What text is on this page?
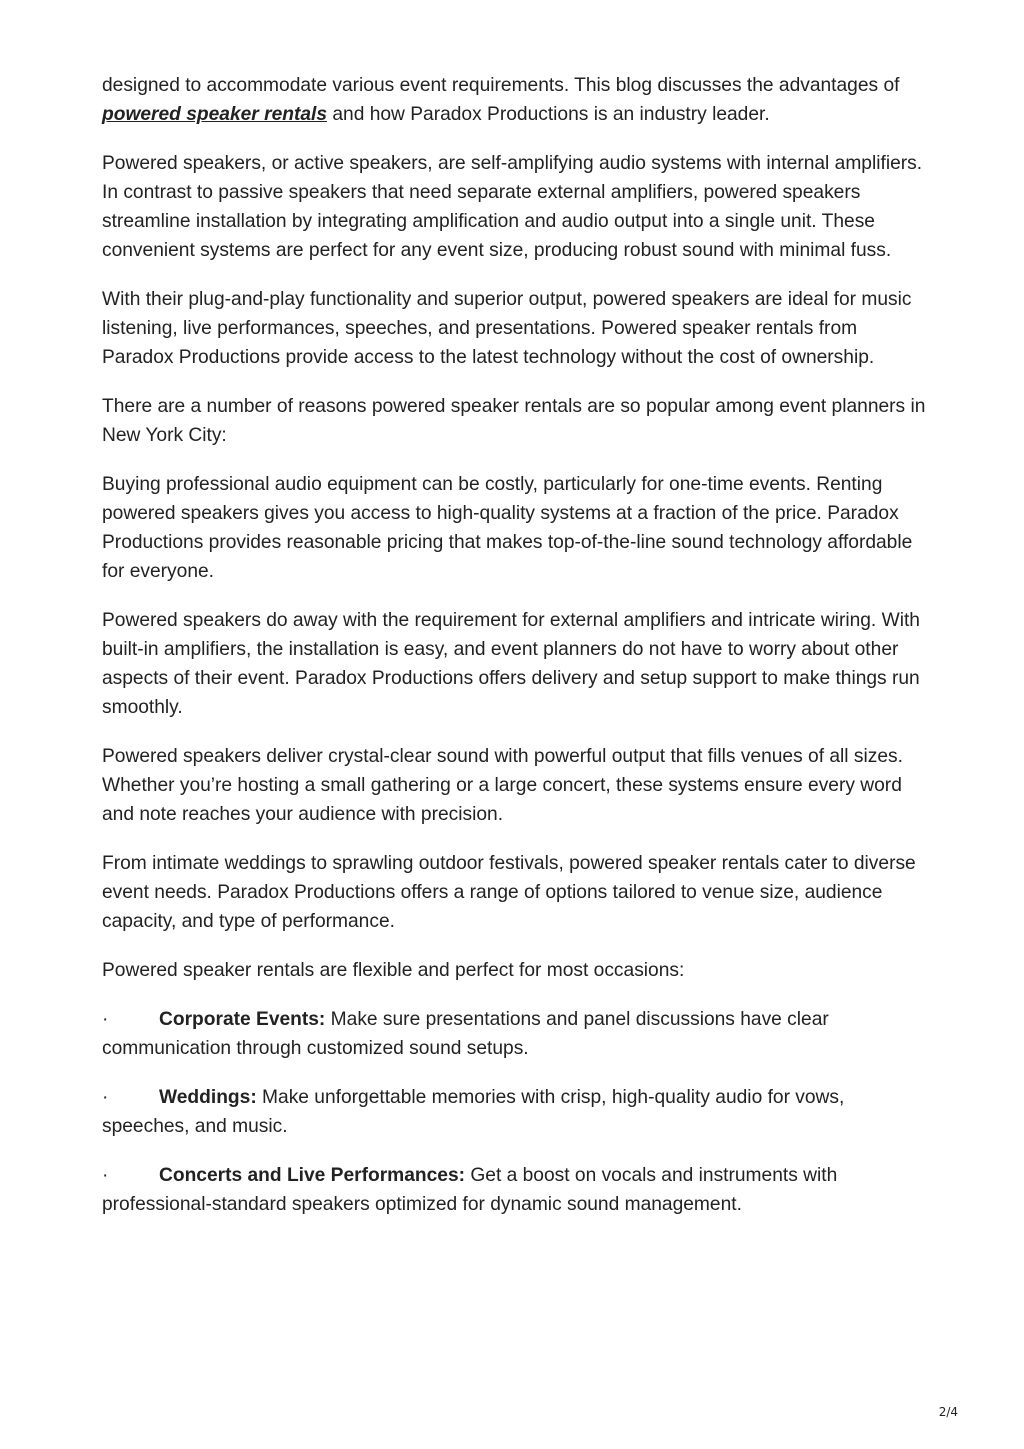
designed to accommodate various event requirements. This blog discusses the advantages of powered speaker rentals and how Paradox Productions is an industry leader.

Powered speakers, or active speakers, are self-amplifying audio systems with internal amplifiers. In contrast to passive speakers that need separate external amplifiers, powered speakers streamline installation by integrating amplification and audio output into a single unit. These convenient systems are perfect for any event size, producing robust sound with minimal fuss.

With their plug-and-play functionality and superior output, powered speakers are ideal for music listening, live performances, speeches, and presentations. Powered speaker rentals from Paradox Productions provide access to the latest technology without the cost of ownership.

There are a number of reasons powered speaker rentals are so popular among event planners in New York City:

Buying professional audio equipment can be costly, particularly for one-time events. Renting powered speakers gives you access to high-quality systems at a fraction of the price. Paradox Productions provides reasonable pricing that makes top-of-the-line sound technology affordable for everyone.

Powered speakers do away with the requirement for external amplifiers and intricate wiring. With built-in amplifiers, the installation is easy, and event planners do not have to worry about other aspects of their event. Paradox Productions offers delivery and setup support to make things run smoothly.

Powered speakers deliver crystal-clear sound with powerful output that fills venues of all sizes. Whether you’re hosting a small gathering or a large concert, these systems ensure every word and note reaches your audience with precision.

From intimate weddings to sprawling outdoor festivals, powered speaker rentals cater to diverse event needs. Paradox Productions offers a range of options tailored to venue size, audience capacity, and type of performance.

Powered speaker rentals are flexible and perfect for most occasions:

·	Corporate Events: Make sure presentations and panel discussions have clear communication through customized sound setups.

·	Weddings: Make unforgettable memories with crisp, high-quality audio for vows, speeches, and music.

·	Concerts and Live Performances: Get a boost on vocals and instruments with professional-standard speakers optimized for dynamic sound management.

2/4
